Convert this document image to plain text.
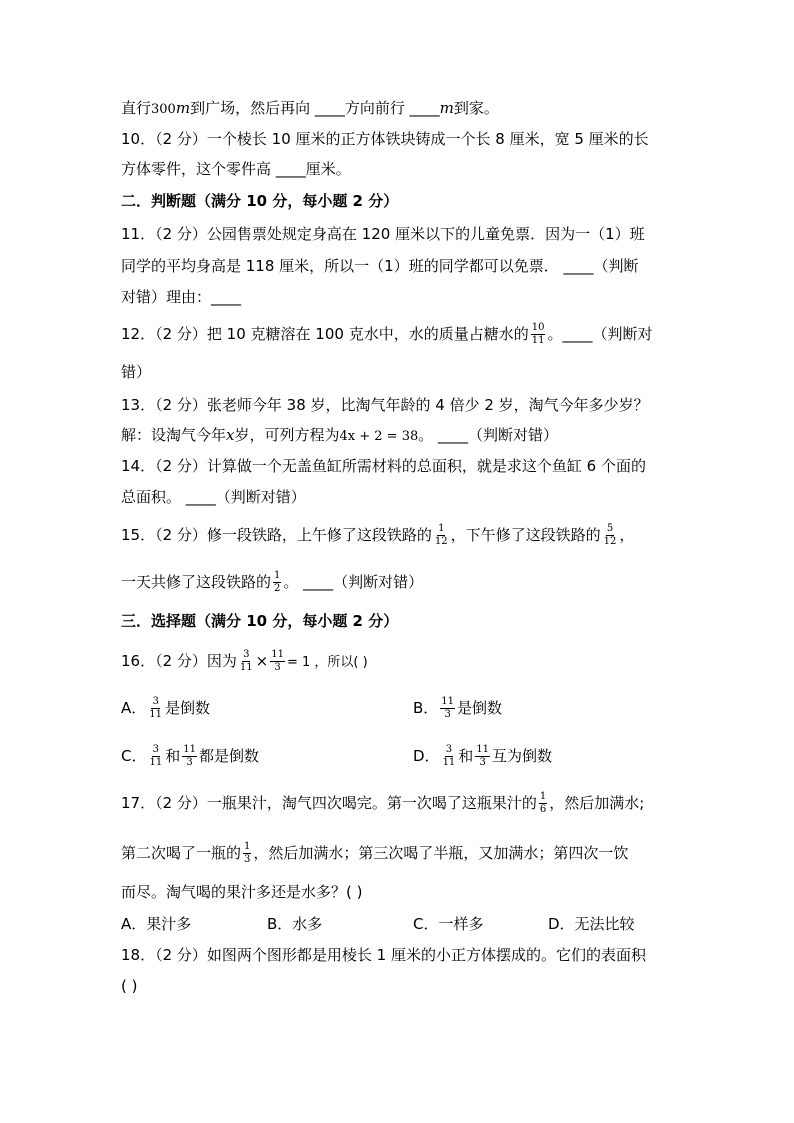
直行300m到广场，然后再向 ____方向前行 ____m到家。
10．（2 分）一个棱长 10 厘米的正方体铁块铸成一个长 8 厘米，宽 5 厘米的长
方体零件，这个零件高 ____厘米。
二．判断题（满分 10 分，每小题 2 分）
11．（2 分）公园售票处规定身高在 120 厘米以下的儿童免票．因为一（1）班
同学的平均身高是 118 厘米，所以一（1）班的同学都可以免票． ____（判断
对错）理由：____
12．（2 分）把 10 克糖溶在 100 克水中，水的质量占糖水的 $\frac{10}{11}$ 。____（判断对
错）
13．（2 分）张老师今年 38 岁，比淘气年龄的 4 倍少 2 岁，淘气今年多少岁？
解：设淘气今年x岁，可列方程为4x + 2 = 38。 ____（判断对错）
14．（2 分）计算做一个无盖鱼缸所需材料的总面积，就是求这个鱼缸 6 个面的
总面积。 ____（判断对错）
15．（2 分）修一段铁路，上午修了这段铁路的 $\frac{1}{12}$ ，下午修了这段铁路的 $\frac{5}{12}$ ，
一天共修了这段铁路的 $\frac{1}{2}$ 。 ____（判断对错）
三．选择题（满分 10 分，每小题 2 分）
16．（2 分）因为 $\frac{3}{11} \times \frac{11}{3} = 1$ ，所以( )
A． $\frac{3}{11}$ 是倒数	B． $\frac{11}{3}$ 是倒数
C． $\frac{3}{11}$ 和 $\frac{11}{3}$ 都是倒数	D． $\frac{3}{11}$ 和 $\frac{11}{3}$ 互为倒数
17．（2 分）一瓶果汁，淘气四次喝完。第一次喝了这瓶果汁的 $\frac{1}{6}$ ，然后加满水;
第二次喝了一瓶的 $\frac{1}{3}$ ，然后加满水；第三次喝了半瓶，又加满水；第四次一饮
而尽。淘气喝的果汁多还是水多？( )
A．果汁多	B．水多	C．一样多	D．无法比较
18．（2 分）如图两个图形都是用棱长 1 厘米的小正方体摆成的。它们的表面积
( )
